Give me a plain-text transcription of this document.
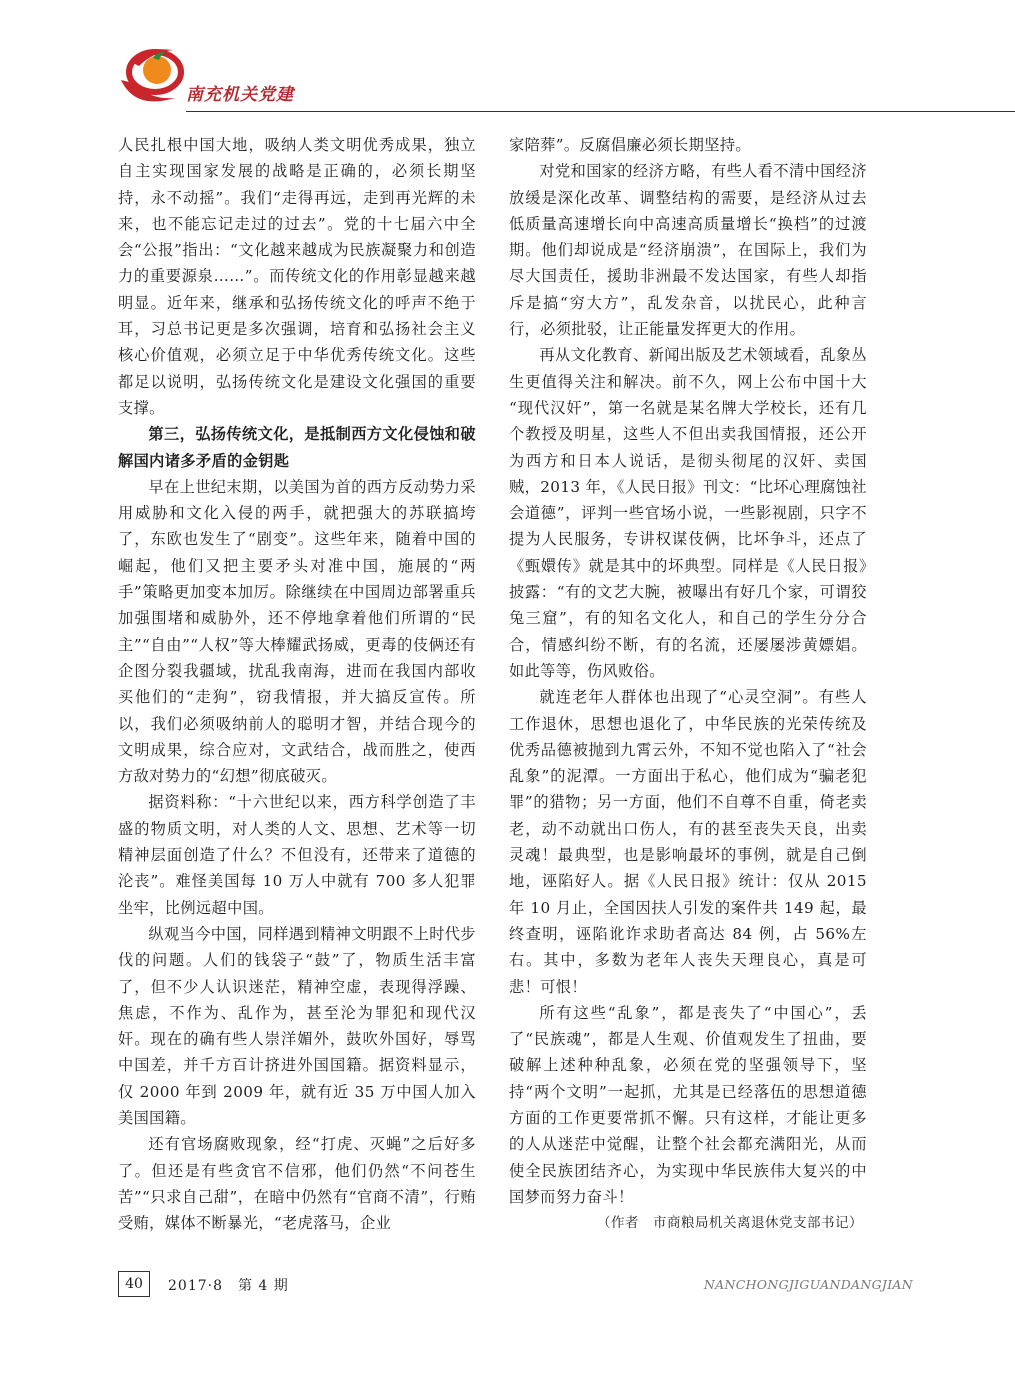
南充机关党建

人民扎根中国大地，吸纳人类文明优秀成果，独立自主实现国家发展的战略是正确的，必须长期坚持，永不动摇”。我们“走得再远，走到再光辉的未来，也不能忘记走过的过去”。党的十七届六中全会“公报”指出：“文化越来越成为民族凝聚力和创造力的重要源泉……”。而传统文化的作用彰显越来越明显。近年来，继承和弘扬传统文化的呼声不绝于耳，习总书记更是多次强调，培育和弘扬社会主义核心价值观，必须立足于中华优秀传统文化。这些都足以说明，弘扬传统文化是建设文化强国的重要支撑。

第三，弘扬传统文化，是抵制西方文化侵蚀和破解国内诸多矛盾的金钥匙

早在上世纪末期，以美国为首的西方反动势力采用威胁和文化入侵的两手，就把强大的苏联搞垮了，东欧也发生了“剧变”。这些年来，随着中国的崛起，他们又把主要矛头对准中国，施展的“两手”策略更加变本加厉。除继续在中国周边部署重兵加强围堵和威胁外，还不停地拿着他们所谓的“民主”“自由”“人权”等大棒耀武扬威，更毒的伎俩还有企图分裂我疆域，扰乱我南海，进而在我国内部收买他们的“走狗”，窃我情报，并大搞反宣传。所以，我们必须吸纳前人的聪明才智，并结合现今的文明成果，综合应对，文武结合，战而胜之，使西方敌对势力的“幻想”彻底破灭。

据资料称：“十六世纪以来，西方科学创造了丰盛的物质文明，对人类的人文、思想、艺术等一切精神层面创造了什么？不但没有，还带来了道德的沦丧”。难怪美国每 10 万人中就有 700 多人犯罪坐牢，比例远超中国。

纵观当今中国，同样遇到精神文明跟不上时代步伐的问题。人们的钱袋子“鼓”了，物质生活丰富了，但不少人认识迷茫，精神空虚，表现得浮躁、焦虑，不作为、乱作为，甚至沦为罪犯和现代汉奸。现在的确有些人崇洋媚外，鼓吹外国好，辱骂中国差，并千方百计挤进外国国籍。据资料显示，仅 2000 年到 2009 年，就有近 35 万中国人加入美国国籍。

还有官场腐败现象，经“打虎、灭蝇”之后好多了。但还是有些贪官不信邪，他们仍然“不问苍生苦”“只求自己甜”，在暗中仍然有“官商不清”，行贿受贿，媒体不断暴光，“老虎落马，企业

家陪葬”。反腐倡廉必须长期坚持。

对党和国家的经济方略，有些人看不清中国经济放缓是深化改革、调整结构的需要，是经济从过去低质量高速增长向中高速高质量增长“换档”的过渡期。他们却说成是“经济崩溃”，在国际上，我们为尽大国责任，援助非洲最不发达国家，有些人却指斥是搞“穷大方”，乱发杂音，以扰民心，此种言行，必须批驳，让正能量发挥更大的作用。

再从文化教育、新闻出版及艺术领域看，乱象丛生更值得关注和解决。前不久，网上公布中国十大 “现代汉奸”，第一名就是某名牌大学校长，还有几个教授及明星，这些人不但出卖我国情报，还公开为西方和日本人说话，是彻头彻尾的汉奸、卖国贼，2013 年，《人民日报》刊文：“比坏心理腐蚀社会道德”，评判一些官场小说，一些影视剧，只字不提为人民服务，专讲权谋伎俩，比坏争斗，还点了《甄嬛传》就是其中的坏典型。同样是《人民日报》披露：“有的文艺大腕，被曝出有好几个家，可谓狡兔三窟”，有的知名文化人，和自己的学生分分合合，情感纠纷不断，有的名流，还屡屡涉黄嫖娼。如此等等，伤风败俗。

就连老年人群体也出现了“心灵空洞”。有些人工作退休，思想也退化了，中华民族的光荣传统及优秀品德被抛到九霄云外，不知不觉也陷入了“社会乱象”的泥潭。一方面出于私心，他们成为“骗老犯罪”的猎物；另一方面，他们不自尊不自重，倚老卖老，动不动就出口伤人，有的甚至丧失天良，出卖灵魂！最典型，也是影响最坏的事例，就是自己倒地，诬陷好人。据《人民日报》统计：仅从 2015 年 10 月止，全国因扶人引发的案件共 149 起，最终查明，诬陷讹诈求助者高达 84 例，占 56%左右。其中，多数为老年人丧失天理良心，真是可悲！可恨！

所有这些“乱象”，都是丧失了“中国心”，丢了“民族魂”，都是人生观、价值观发生了扭曲，要破解上述种种乱象，必须在党的坚强领导下，坚持“两个文明”一起抓，尤其是已经落伍的思想道德方面的工作更要常抓不懈。只有这样，才能让更多的人从迷茫中觉醒，让整个社会都充满阳光，从而使全民族团结齐心，为实现中华民族伟大复兴的中国梦而努力奋斗！

（作者　市商粮局机关离退休党支部书记）

40	2017·8　第 4 期	NANCHONGJIGUANDANGJIAN
